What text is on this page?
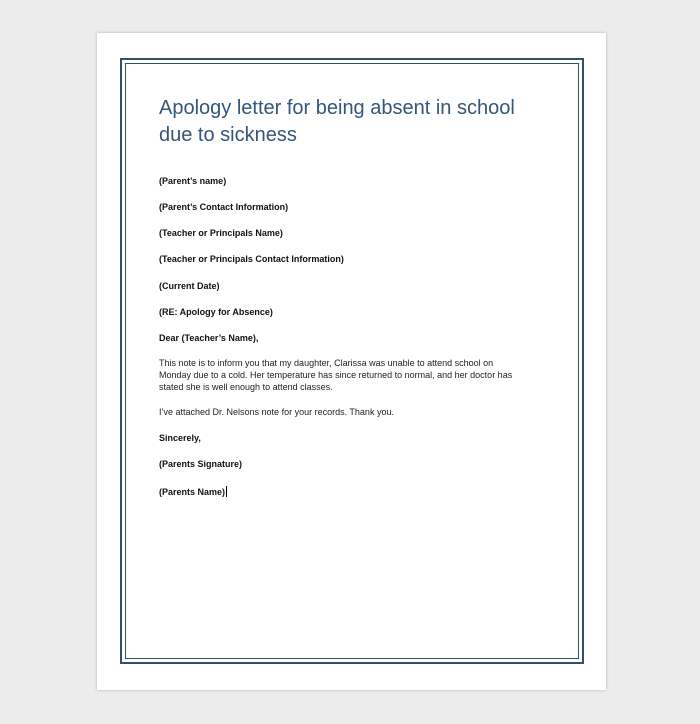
Apology letter for being absent in school
due to sickness
(Parent’s name)
(Parent’s Contact Information)
(Teacher or Principals Name)
(Teacher or Principals Contact Information)
(Current Date)
(RE: Apology for Absence)
Dear (Teacher’s Name),
This note is to inform you that my daughter, Clarissa was unable to attend school on Monday due to a cold. Her temperature has since returned to normal, and her doctor has stated she is well enough to attend classes.
I’ve attached Dr. Nelsons note for your records. Thank you.
Sincerely,
(Parents Signature)
(Parents Name)
